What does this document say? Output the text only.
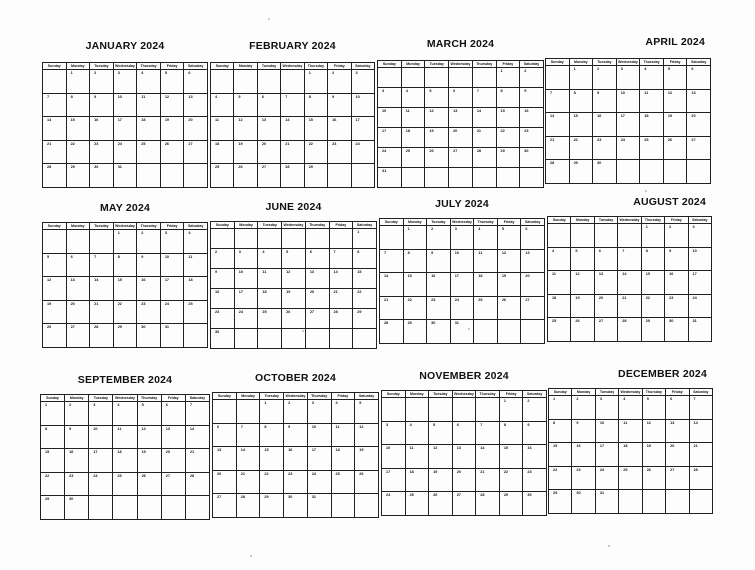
JANUARY 2024
Sunday	Monday	Tuesday	Wednesday	Thursday	Friday	Saturday
	1	2	3	4	5	6
7	8	9	10	11	12	13
14	15	16	17	18	19	20
21	22	23	24	25	26	27
28	29	30	31			
FEBRUARY 2024
Sunday	Monday	Tuesday	Wednesday	Thursday	Friday	Saturday
				1	2	3
4	5	6	7	8	9	10
11	12	13	14	15	16	17
18	19	20	21	22	23	24
25	26	27	28	29		
MARCH 2024
Sunday	Monday	Tuesday	Wednesday	Thursday	Friday	Saturday
					1	2
3	4	5	6	7	8	9
10	11	12	13	14	15	16
17	18	19	20	21	22	23
24	25	26	27	28	29	30
31						
APRIL 2024
Sunday	Monday	Tuesday	Wednesday	Thursday	Friday	Saturday
	1	2	3	4	5	6
7	8	9	10	11	12	13
14	15	16	17	18	19	20
21	22	23	24	25	26	27
28	29	30				
MAY 2024
Sunday	Monday	Tuesday	Wednesday	Thursday	Friday	Saturday
			1	2	3	4
5	6	7	8	9	10	11
12	13	14	15	16	17	18
19	20	21	22	23	24	25
26	27	28	29	30	31	
JUNE 2024
Sunday	Monday	Tuesday	Wednesday	Thursday	Friday	Saturday
						1
2	3	4	5	6	7	8
9	10	11	12	13	14	15
16	17	18	19	20	21	22
23	24	25	26	27	28	29
30						
JULY 2024
Sunday	Monday	Tuesday	Wednesday	Thursday	Friday	Saturday
	1	2	3	4	5	6
7	8	9	10	11	12	13
14	15	16	17	18	19	20
21	22	23	24	25	26	27
28	29	30	31			
AUGUST 2024
Sunday	Monday	Tuesday	Wednesday	Thursday	Friday	Saturday
				1	2	3
4	5	6	7	8	9	10
11	12	13	14	15	16	17
18	19	20	21	22	23	24
25	26	27	28	29	30	31
SEPTEMBER 2024
Sunday	Monday	Tuesday	Wednesday	Thursday	Friday	Saturday
1	2	3	4	5	6	7
8	9	10	11	12	13	14
15	16	17	18	19	20	21
22	23	24	25	26	27	28
29	30					
OCTOBER 2024
Sunday	Monday	Tuesday	Wednesday	Thursday	Friday	Saturday
		1	2	3	4	5
6	7	8	9	10	11	12
13	14	15	16	17	18	19
20	21	22	23	24	25	26
27	28	29	30	31		
NOVEMBER 2024
Sunday	Monday	Tuesday	Wednesday	Thursday	Friday	Saturday
					1	2
3	4	5	6	7	8	9
10	11	12	13	14	15	16
17	18	19	20	21	22	23
24	25	26	27	28	29	30
DECEMBER 2024
Sunday	Monday	Tuesday	Wednesday	Thursday	Friday	Saturday
1	2	3	4	5	6	7
8	9	10	11	12	13	14
15	16	17	18	19	20	21
22	23	24	25	26	27	28
29	30	31				
